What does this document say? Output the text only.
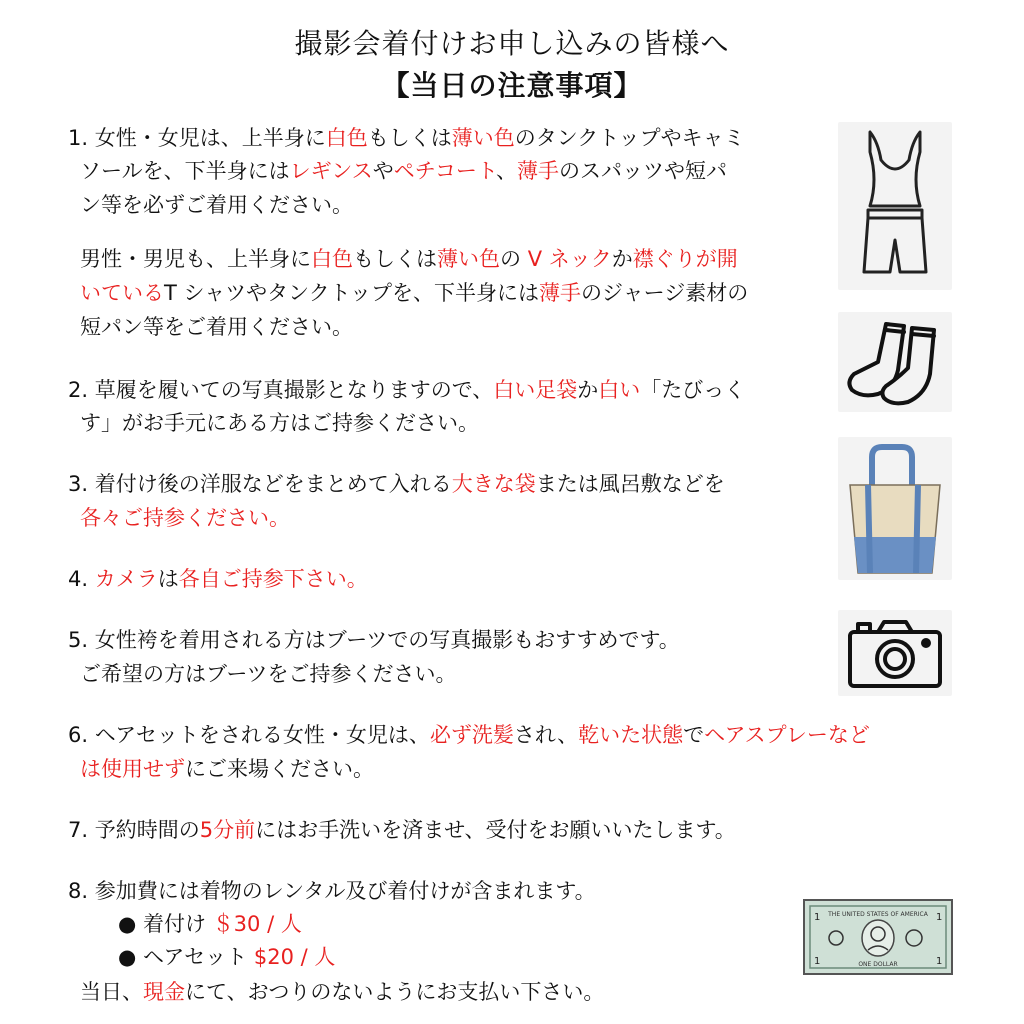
撮影会着付けお申し込みの皆様へ
【当日の注意事項】
1. 女性・女児は、上半身に白色もしくは薄い色のタンクトップやキャミ
ソールを、下半身にはレギンスやペチコート、薄手のスパッツや短パ
ン等を必ずご着用ください。
男性・男児も、上半身に白色もしくは薄い色の V ネックか襟ぐりが開
いているT シャツやタンクトップを、下半身には薄手のジャージ素材の
短パン等をご着用ください。
2. 草履を履いての写真撮影となりますので、白い足袋か白い「たびっく
す」がお手元にある方はご持参ください。
3. 着付け後の洋服などをまとめて入れる大きな袋または風呂敷などを
各々ご持参ください。
4. カメラは各自ご持参下さい。
5. 女性袴を着用される方はブーツでの写真撮影もおすすめです。
ご希望の方はブーツをご持参ください。
6. ヘアセットをされる女性・女児は、必ず洗髪され、乾いた状態でヘアスプレーなど
は使用せずにご来場ください。
7. 予約時間の5分前にはお手洗いを済ませ、受付をお願いいたします。
8. 参加費には着物のレンタル及び着付けが含まれます。
● 着付け ＄30 / 人
● ヘアセット $20 / 人
当日、現金にて、おつりのないようにお支払い下さい。
THE UNITED STATES OF AMERICA
1	1
1	1
ONE DOLLAR
